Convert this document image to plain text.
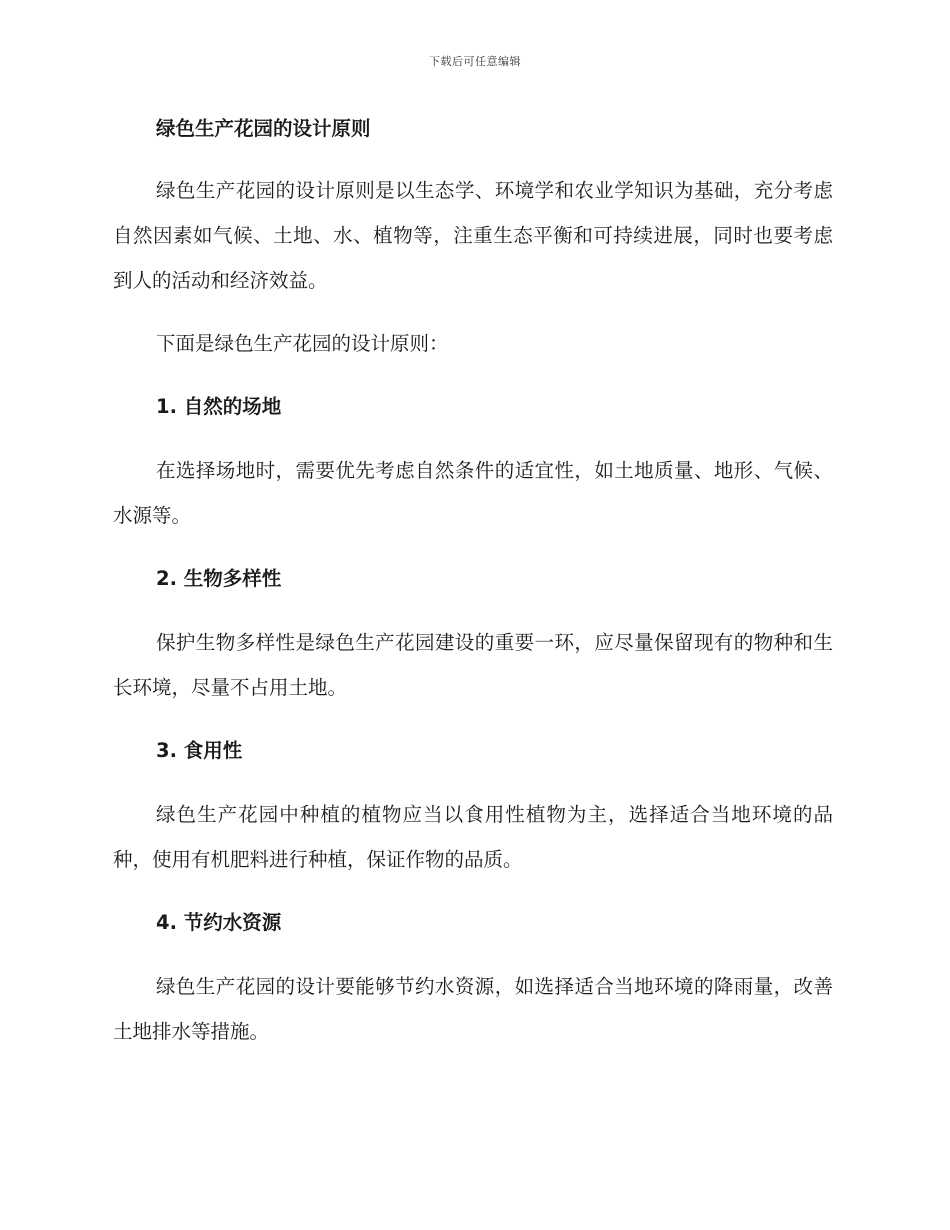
下载后可任意编辑

绿色生产花园的设计原则

绿色生产花园的设计原则是以生态学、环境学和农业学知识为基础，充分考虑自然因素如气候、土地、水、植物等，注重生态平衡和可持续进展，同时也要考虑到人的活动和经济效益。

下面是绿色生产花园的设计原则：

1. 自然的场地

在选择场地时，需要优先考虑自然条件的适宜性，如土地质量、地形、气候、水源等。

2. 生物多样性

保护生物多样性是绿色生产花园建设的重要一环，应尽量保留现有的物种和生长环境，尽量不占用土地。

3. 食用性

绿色生产花园中种植的植物应当以食用性植物为主，选择适合当地环境的品种，使用有机肥料进行种植，保证作物的品质。

4. 节约水资源

绿色生产花园的设计要能够节约水资源，如选择适合当地环境的降雨量，改善土地排水等措施。
